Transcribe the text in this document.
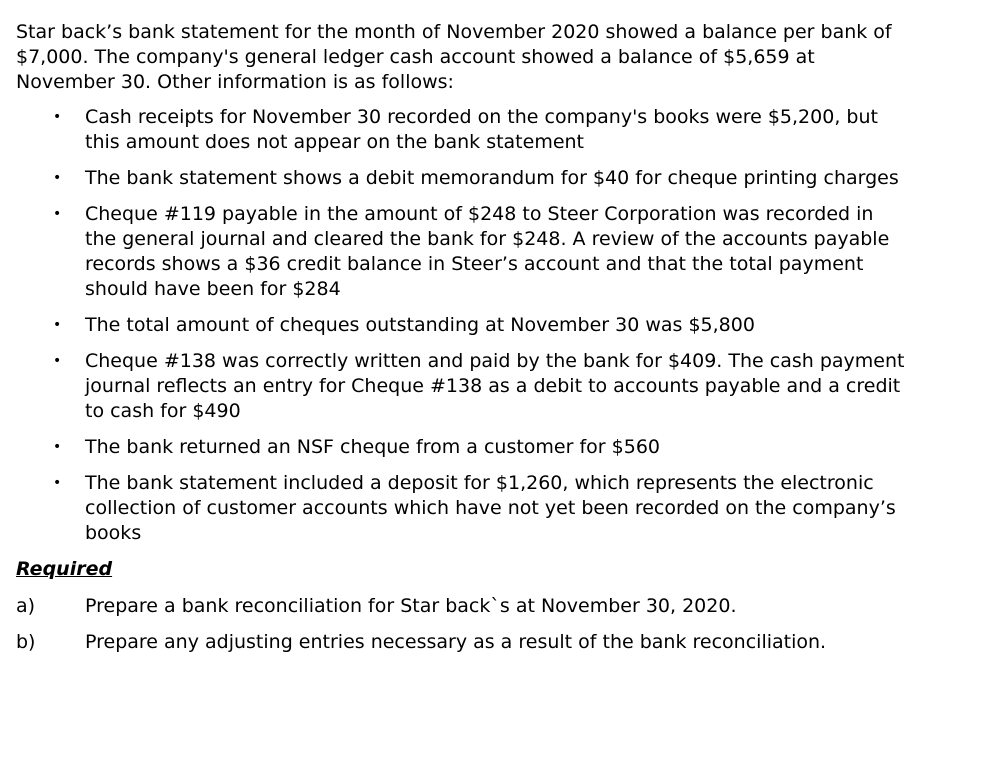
Star back’s bank statement for the month of November 2020 showed a balance per bank of $7,000. The company's general ledger cash account showed a balance of $5,659 at November 30. Other information is as follows:

• Cash receipts for November 30 recorded on the company's books were $5,200, but this amount does not appear on the bank statement
• The bank statement shows a debit memorandum for $40 for cheque printing charges
• Cheque #119 payable in the amount of $248 to Steer Corporation was recorded in the general journal and cleared the bank for $248. A review of the accounts payable records shows a $36 credit balance in Steer’s account and that the total payment should have been for $284
• The total amount of cheques outstanding at November 30 was $5,800
• Cheque #138 was correctly written and paid by the bank for $409. The cash payment journal reflects an entry for Cheque #138 as a debit to accounts payable and a credit to cash for $490
• The bank returned an NSF cheque from a customer for $560
• The bank statement included a deposit for $1,260, which represents the electronic collection of customer accounts which have not yet been recorded on the company’s books
Required
a)	Prepare a bank reconciliation for Star back`s at November 30, 2020.
b)	Prepare any adjusting entries necessary as a result of the bank reconciliation.
